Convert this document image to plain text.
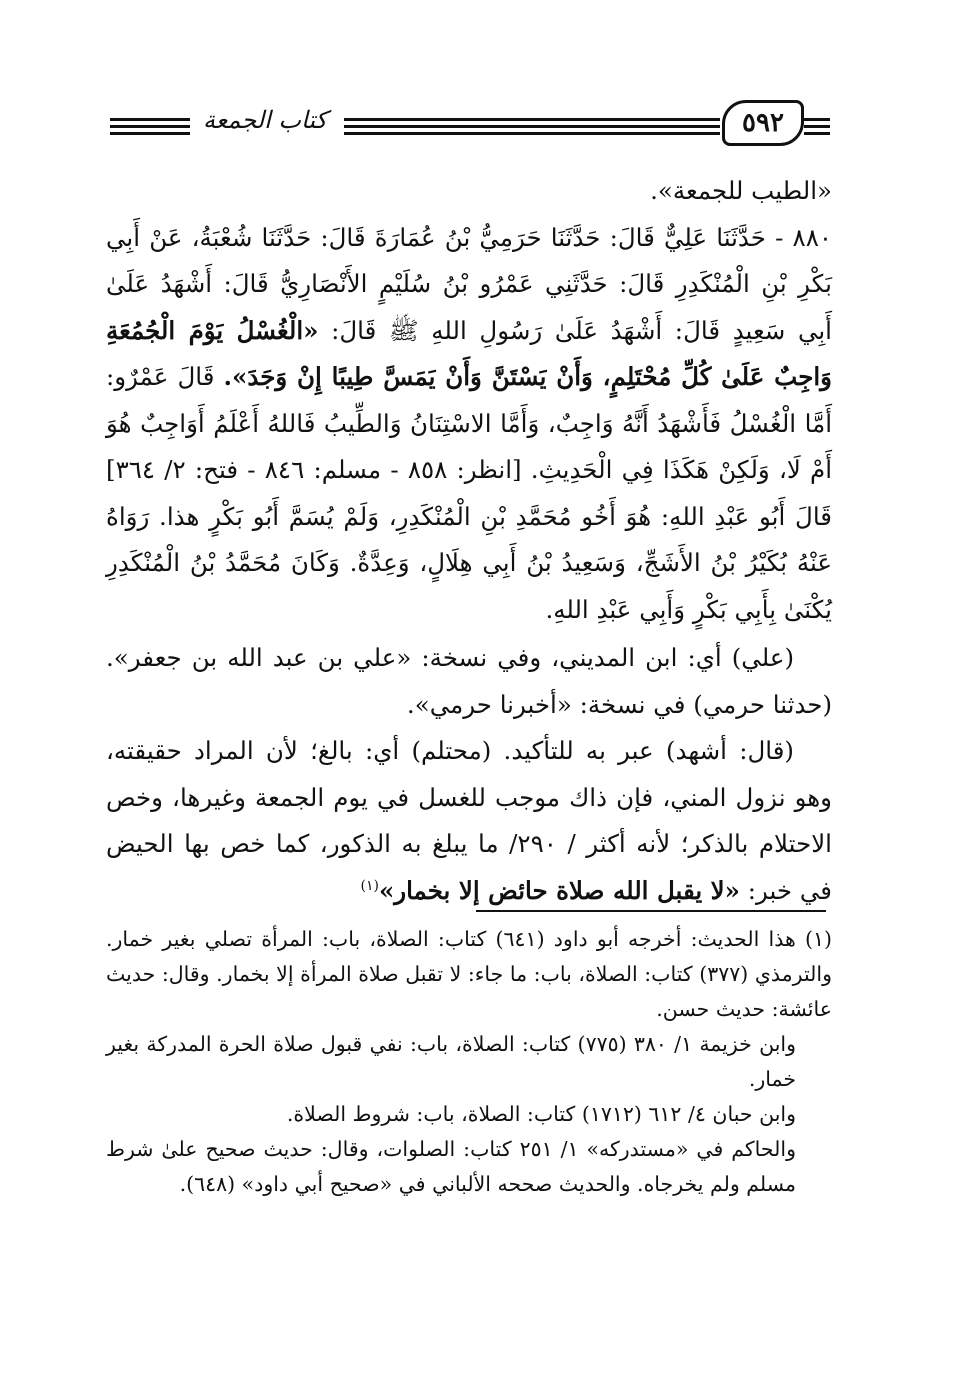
كتاب الجمعة	٥٩٢

«الطيب للجمعة».

٨٨٠ - حَدَّثَنَا عَلِيٌّ قَالَ: حَدَّثَنَا حَرَمِيُّ بْنُ عُمَارَةَ قَالَ: حَدَّثَنَا شُعْبَةُ، عَنْ أَبِي بَكْرِ بْنِ الْمُنْكَدِرِ قَالَ: حَدَّثَنِي عَمْرُو بْنُ سُلَيْمٍ الأَنْصَارِيُّ قَالَ: أَشْهَدُ عَلَىٰ أَبِي سَعِيدٍ قَالَ: أَشْهَدُ عَلَىٰ رَسُولِ اللهِ ﷺ قَالَ: «الْغُسْلُ يَوْمَ الْجُمُعَةِ وَاجِبٌ عَلَىٰ كُلِّ مُحْتَلِمٍ، وَأَنْ يَسْتَنَّ وَأَنْ يَمَسَّ طِيبًا إِنْ وَجَدَ». قَالَ عَمْرٌو: أَمَّا الْغُسْلُ فَأَشْهَدُ أَنَّهُ وَاجِبٌ، وَأَمَّا الاسْتِنَانُ وَالطِّيبُ فَاللهُ أَعْلَمُ أَوَاجِبٌ هُوَ أَمْ لَا، وَلَكِنْ هَكَذَا فِي الْحَدِيثِ. [انظر: ٨٥٨ - مسلم: ٨٤٦ - فتح: ٢/ ٣٦٤] قَالَ أَبُو عَبْدِ اللهِ: هُوَ أَخُو مُحَمَّدِ بْنِ الْمُنْكَدِرِ، وَلَمْ يُسَمَّ أَبُو بَكْرٍ هذا. رَوَاهُ عَنْهُ بُكَيْرُ بْنُ الأَشَجِّ، وَسَعِيدُ بْنُ أَبِي هِلَالٍ، وَعِدَّةٌ. وَكَانَ مُحَمَّدُ بْنُ الْمُنْكَدِرِ يُكْنَىٰ بِأَبِي بَكْرٍ وَأَبِي عَبْدِ اللهِ.

(علي) أي: ابن المديني، وفي نسخة: «علي بن عبد الله بن جعفر». (حدثنا حرمي) في نسخة: «أخبرنا حرمي».

(قال: أشهد) عبر به للتأكيد. (محتلم) أي: بالغ؛ لأن المراد حقيقته، وهو نزول المني، فإن ذاك موجب للغسل في يوم الجمعة وغيرها، وخص الاحتلام بالذكر؛ لأنه أكثر / ٢٩٠/ ما يبلغ به الذكور، كما خص بها الحيض في خبر: «لا يقبل الله صلاة حائض إلا بخمار»$^{(١)}$

(١) هذا الحديث: أخرجه أبو داود (٦٤١) كتاب: الصلاة، باب: المرأة تصلي بغير خمار. والترمذي (٣٧٧) كتاب: الصلاة، باب: ما جاء: لا تقبل صلاة المرأة إلا بخمار. وقال: حديث عائشة: حديث حسن.

وابن خزيمة ١/ ٣٨٠ (٧٧٥) كتاب: الصلاة، باب: نفي قبول صلاة الحرة المدركة بغير خمار.

وابن حبان ٤/ ٦١٢ (١٧١٢) كتاب: الصلاة، باب: شروط الصلاة.

والحاكم في «مستدركه» ١/ ٢٥١ كتاب: الصلوات، وقال: حديث صحيح علىٰ شرط مسلم ولم يخرجاه. والحديث صححه الألباني في «صحيح أبي داود» (٦٤٨).
